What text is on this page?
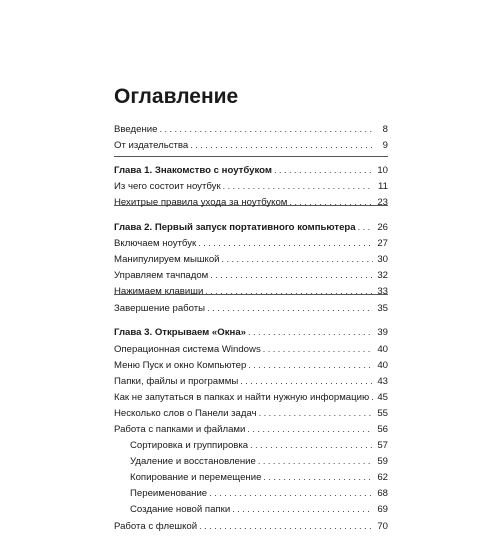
Оглавление
Введение . . .	8
От издательства . . .	9
Глава 1. Знакомство с ноутбуком . . .	10
Из чего состоит ноутбук . . .	11
Нехитрые правила ухода за ноутбуком . . .	23
Глава 2. Первый запуск портативного компьютера . . .	26
Включаем ноутбук . . .	27
Манипулируем мышкой . . .	30
Управляем тачпадом . . .	32
Нажимаем клавиши . . .	33
Завершение работы . . .	35
Глава 3. Открываем «Окна» . . .	39
Операционная система Windows . . .	40
Меню Пуск и окно Компьютер . . .	40
Папки, файлы и программы . . .	43
Как не запутаться в папках и найти нужную информацию . . . 45
Несколько слов о Панели задач . . .	55
Работа с папками и файлами . . .	56
Сортировка и группировка . . .	57
Удаление и восстановление . . .	59
Копирование и перемещение . . .	62
Переименование . . .	68
Создание новой папки . . .	69
Работа с флешкой . . .	70
